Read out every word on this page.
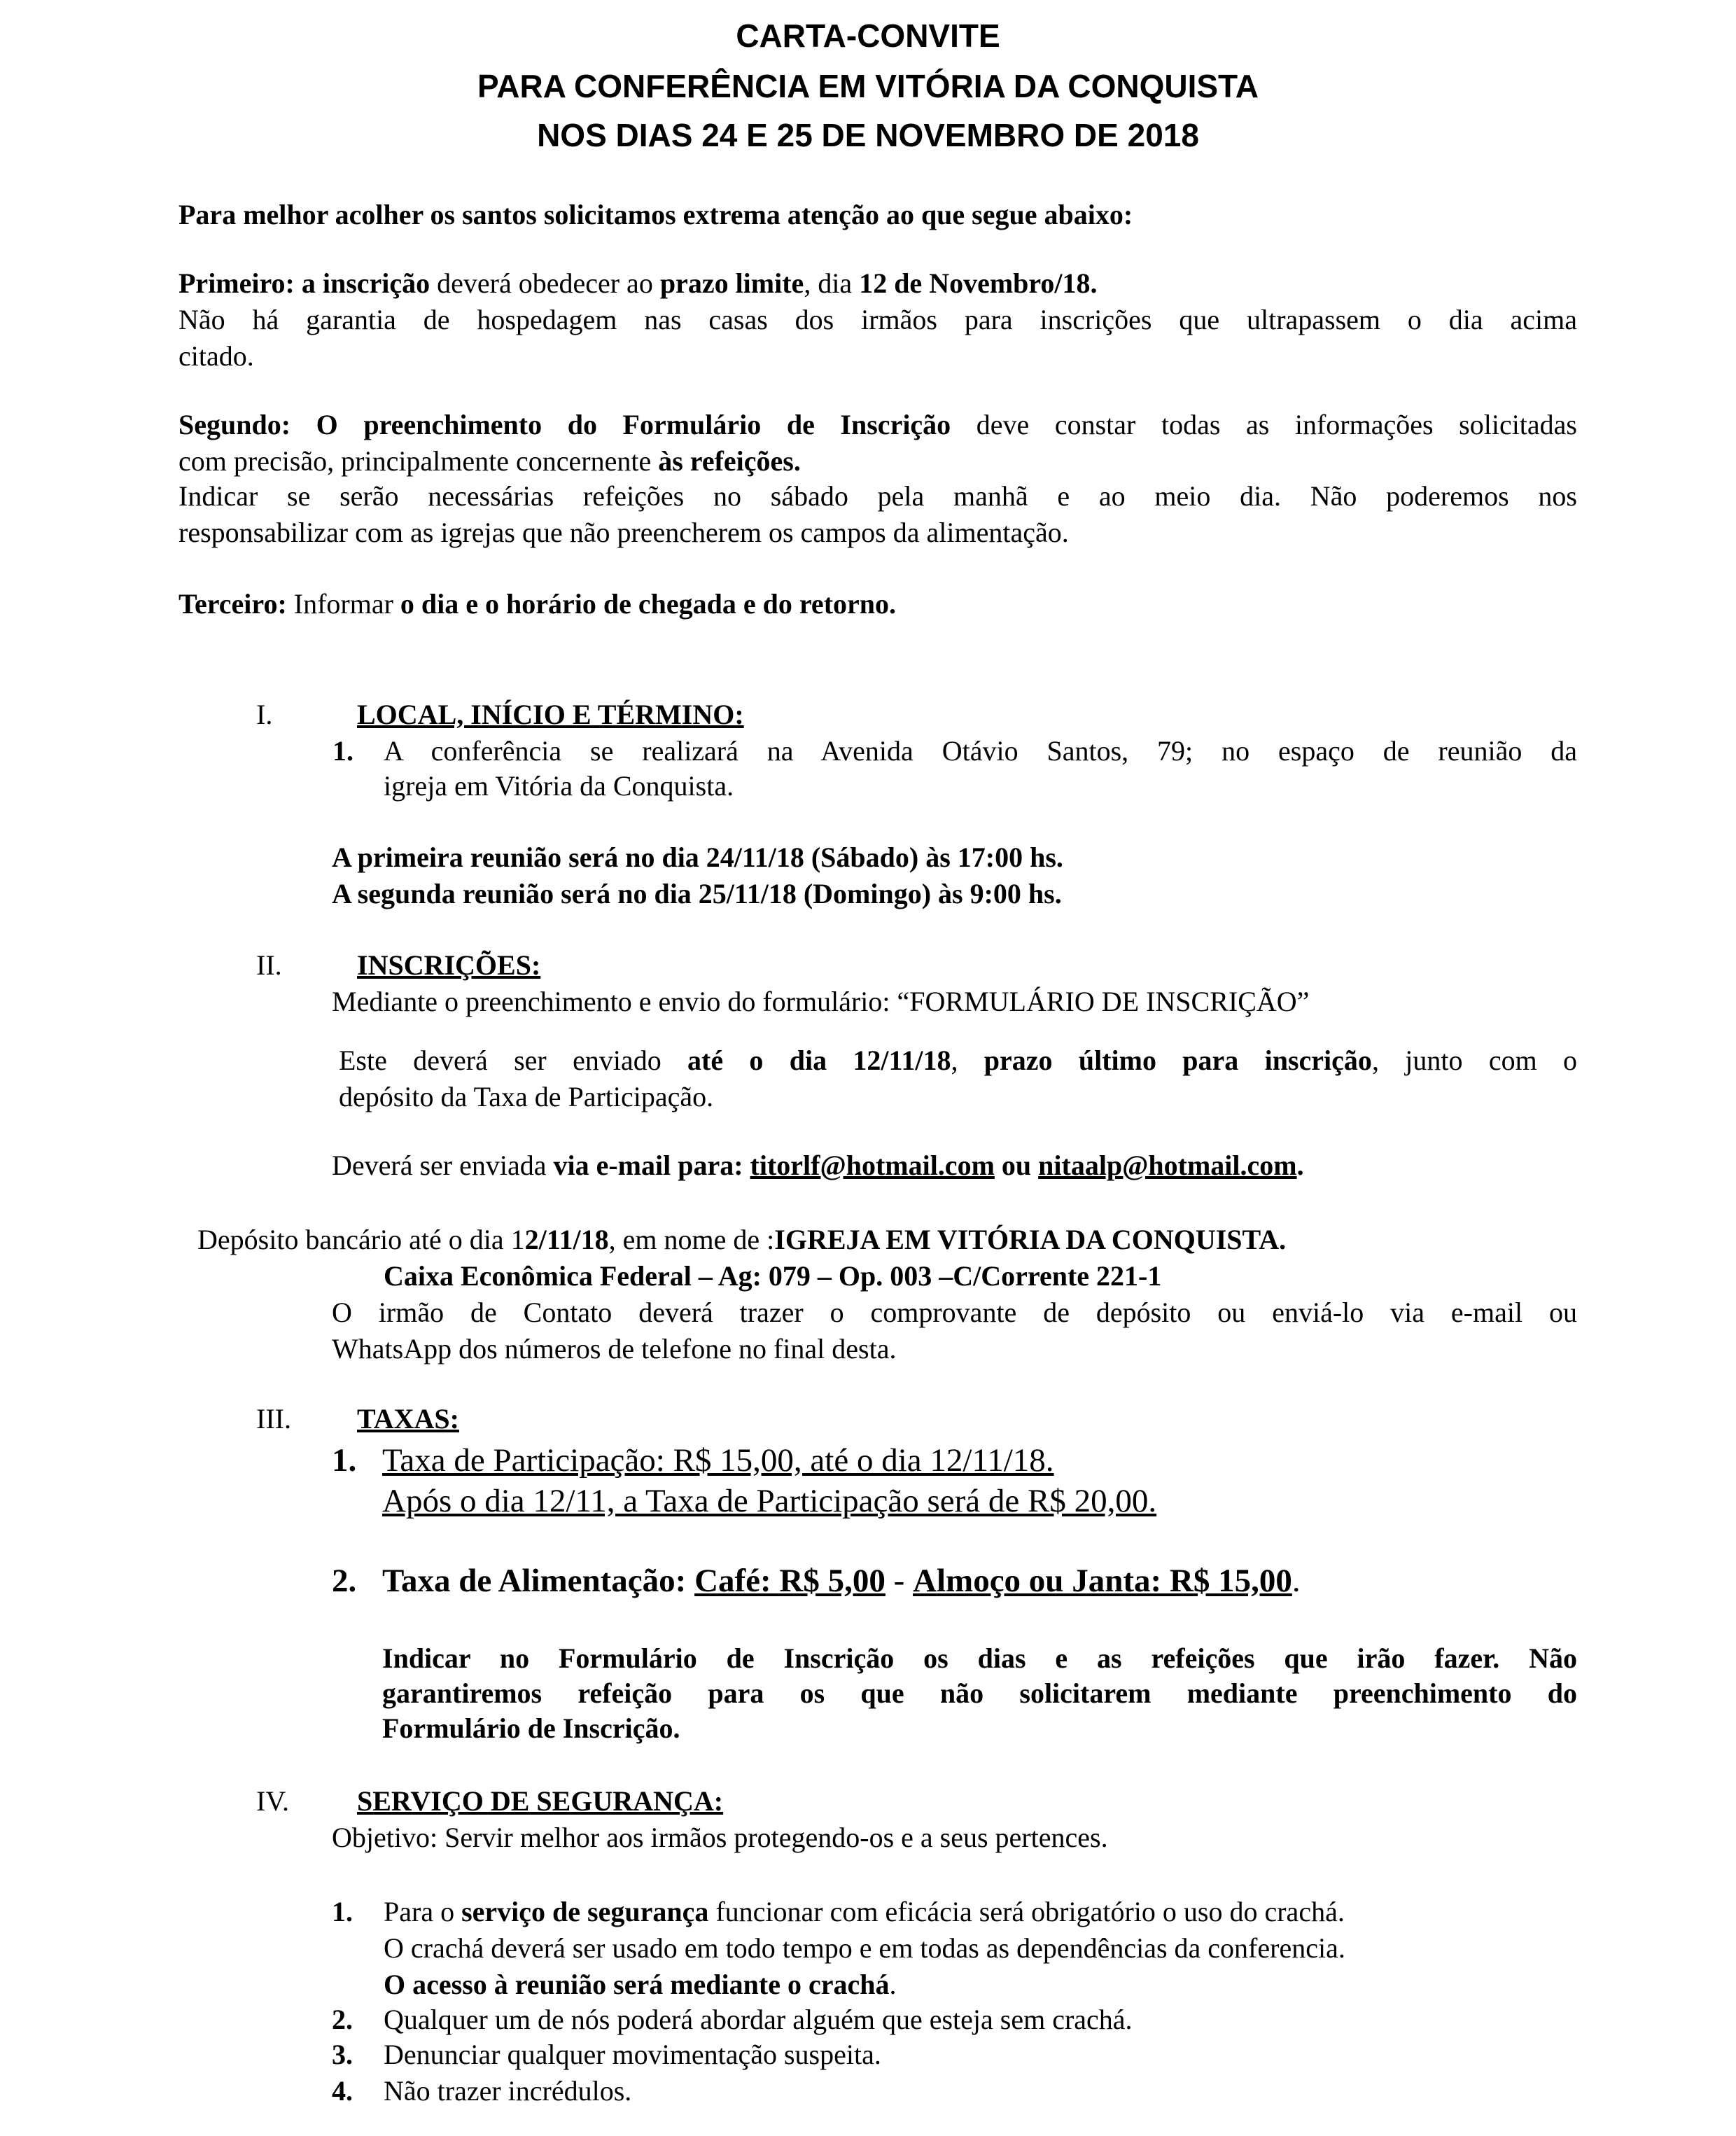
CARTA-CONVITE
PARA CONFERÊNCIA EM VITÓRIA DA CONQUISTA
NOS DIAS 24 E 25 DE NOVEMBRO DE 2018
Para melhor acolher os santos solicitamos extrema atenção ao que segue abaixo:
Primeiro: a inscrição deverá obedecer ao prazo limite, dia 12 de Novembro/18.
Não há garantia de hospedagem nas casas dos irmãos para inscrições que ultrapassem o dia acima
citado.
Segundo: O preenchimento do Formulário de Inscrição deve constar todas as informações solicitadas
com precisão, principalmente concernente às refeições.
Indicar se serão necessárias refeições no sábado pela manhã e ao meio dia. Não poderemos nos
responsabilizar com as igrejas que não preencherem os campos da alimentação.
Terceiro: Informar o dia e o horário de chegada e do retorno.
I.	LOCAL, INÍCIO E TÉRMINO:
1. A conferência se realizará na Avenida Otávio Santos, 79; no espaço de reunião da
igreja em Vitória da Conquista.
A primeira reunião será no dia 24/11/18 (Sábado) às 17:00 hs.
A segunda reunião será no dia 25/11/18 (Domingo) às 9:00 hs.
II.	INSCRIÇÕES:
Mediante o preenchimento e envio do formulário: “FORMULÁRIO DE INSCRIÇÃO”
Este deverá ser enviado até o dia 12/11/18, prazo último para inscrição, junto com o
depósito da Taxa de Participação.
Deverá ser enviada via e-mail para: titorlf@hotmail.com ou nitaalp@hotmail.com.
Depósito bancário até o dia 12/11/18, em nome de :IGREJA EM VITÓRIA DA CONQUISTA.
Caixa Econômica Federal – Ag: 079 – Op. 003 –C/Corrente 221-1
O irmão de Contato deverá trazer o comprovante de depósito ou enviá-lo via e-mail ou
WhatsApp dos números de telefone no final desta.
III. TAXAS:
1. Taxa de Participação: R$ 15,00, até o dia 12/11/18.
Após o dia 12/11, a Taxa de Participação será de R$ 20,00.
2. Taxa de Alimentação: Café: R$ 5,00 - Almoço ou Janta: R$ 15,00.
Indicar no Formulário de Inscrição os dias e as refeições que irão fazer. Não
garantiremos refeição para os que não solicitarem mediante preenchimento do
Formulário de Inscrição.
IV. SERVIÇO DE SEGURANÇA:
Objetivo: Servir melhor aos irmãos protegendo-os e a seus pertences.
1. Para o serviço de segurança funcionar com eficácia será obrigatório o uso do crachá.
O crachá deverá ser usado em todo tempo e em todas as dependências da conferencia.
O acesso à reunião será mediante o crachá.
2. Qualquer um de nós poderá abordar alguém que esteja sem crachá.
3. Denunciar qualquer movimentação suspeita.
4. Não trazer incrédulos.
